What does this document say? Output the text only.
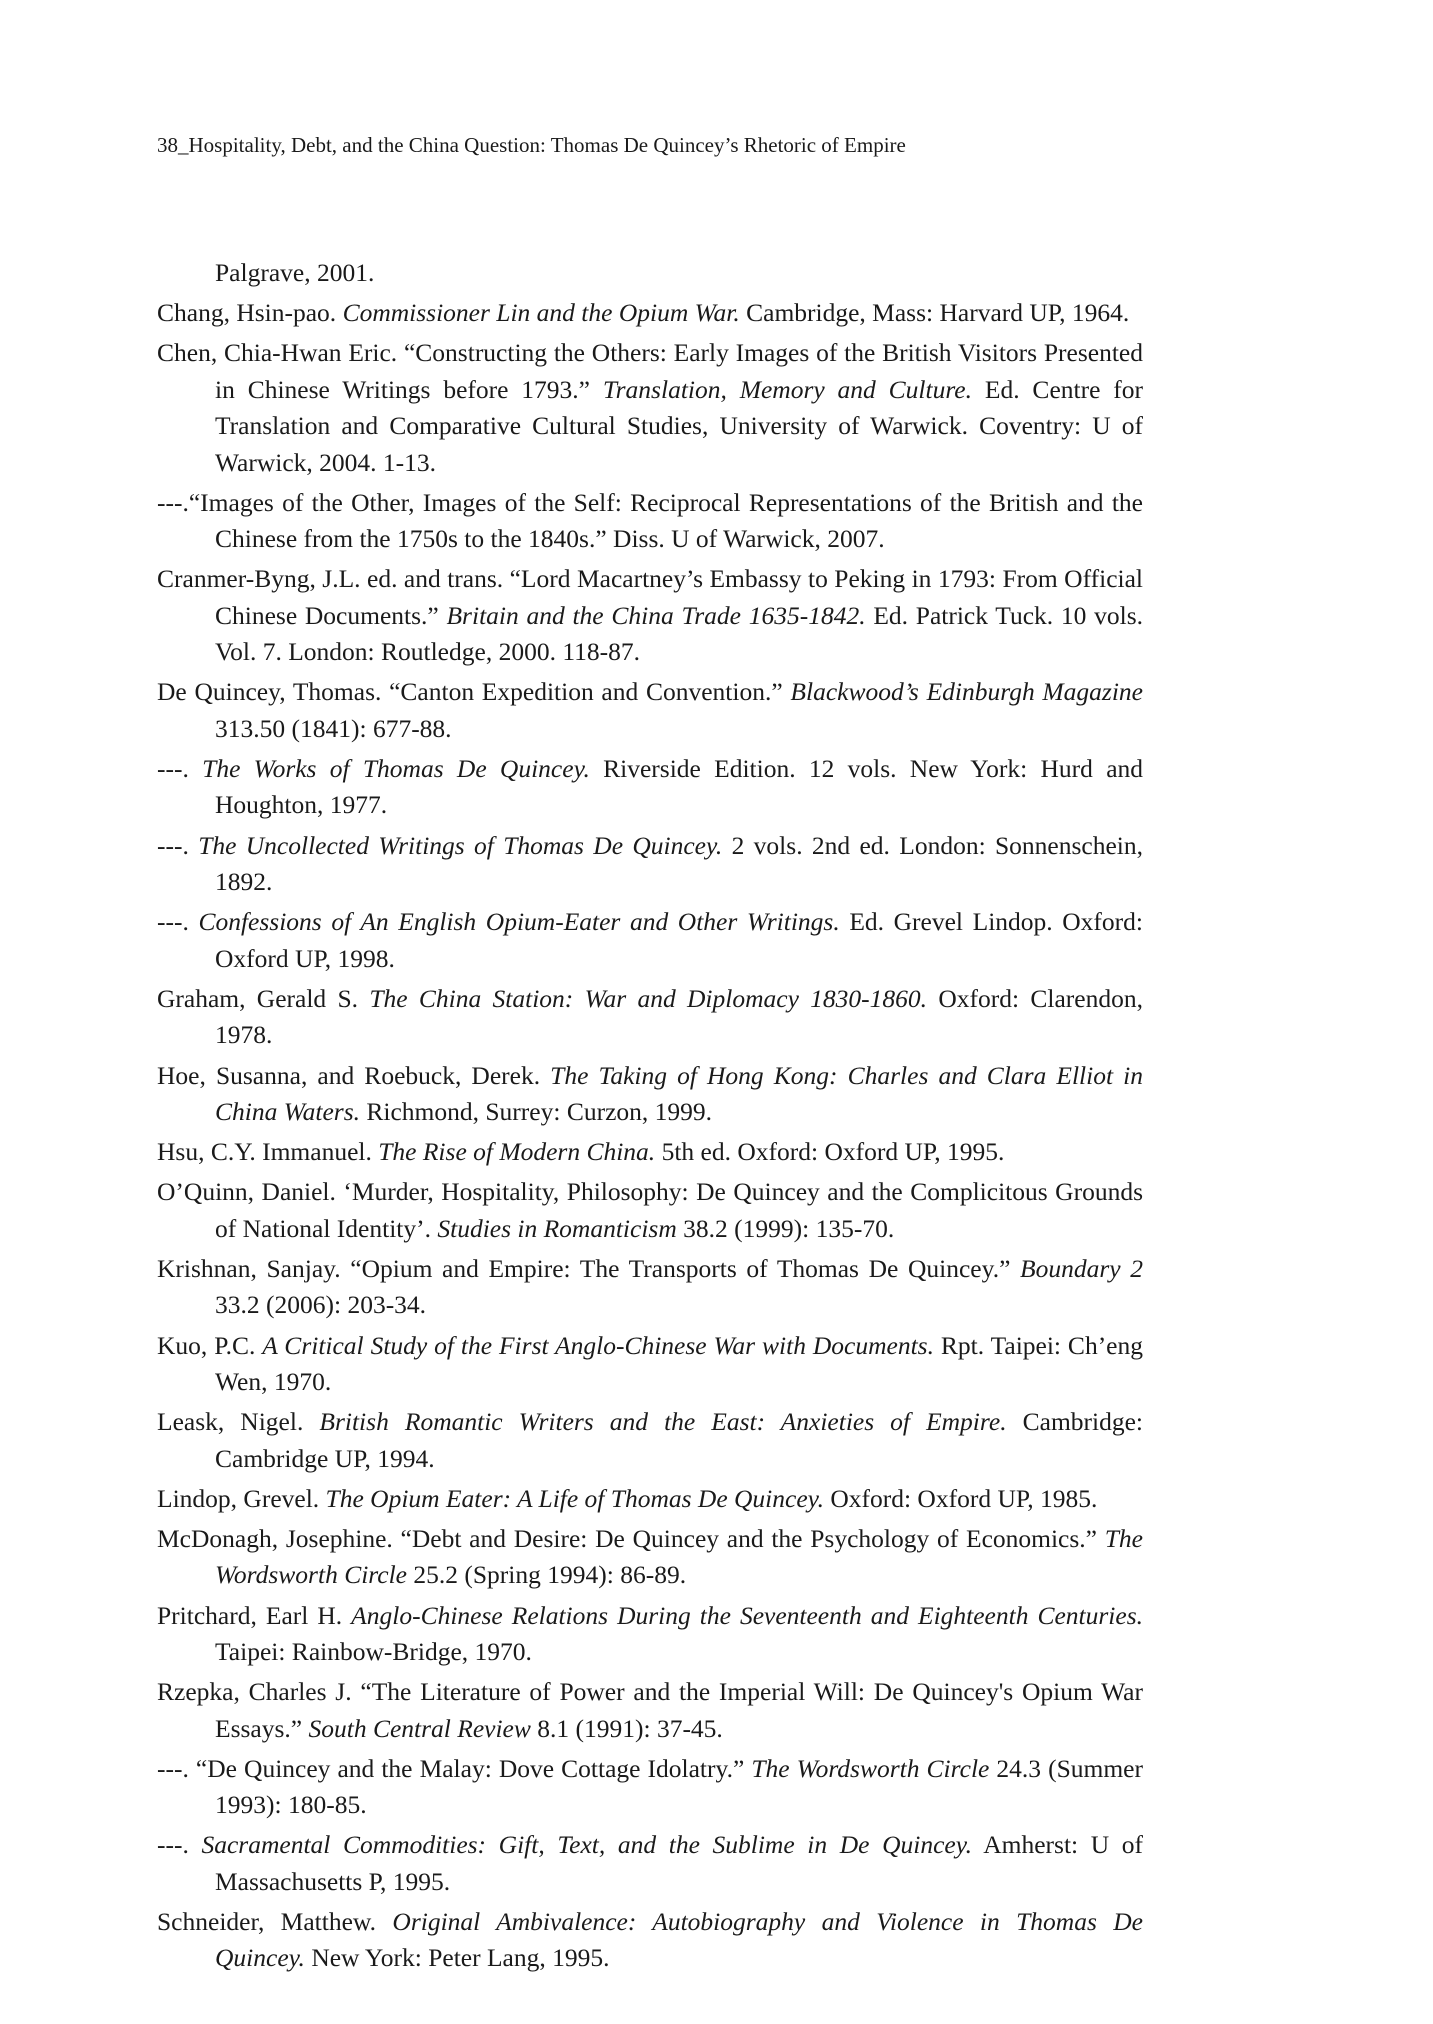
38_Hospitality, Debt, and the China Question: Thomas De Quincey’s Rhetoric of Empire

Palgrave, 2001.

Chang, Hsin-pao. Commissioner Lin and the Opium War. Cambridge, Mass: Harvard UP, 1964.

Chen, Chia-Hwan Eric. “Constructing the Others: Early Images of the British Visitors Presented in Chinese Writings before 1793.” Translation, Memory and Culture. Ed. Centre for Translation and Comparative Cultural Studies, University of Warwick. Coventry: U of Warwick, 2004. 1-13.

---.“Images of the Other, Images of the Self: Reciprocal Representations of the British and the Chinese from the 1750s to the 1840s.” Diss. U of Warwick, 2007.

Cranmer-Byng, J.L. ed. and trans. “Lord Macartney’s Embassy to Peking in 1793: From Official Chinese Documents.” Britain and the China Trade 1635-1842. Ed. Patrick Tuck. 10 vols. Vol. 7. London: Routledge, 2000. 118-87.

De Quincey, Thomas. “Canton Expedition and Convention.” Blackwood’s Edinburgh Magazine 313.50 (1841): 677-88.

---. The Works of Thomas De Quincey. Riverside Edition. 12 vols. New York: Hurd and Houghton, 1977.

---. The Uncollected Writings of Thomas De Quincey. 2 vols. 2nd ed. London: Sonnenschein, 1892.

---. Confessions of An English Opium-Eater and Other Writings. Ed. Grevel Lindop. Oxford: Oxford UP, 1998.

Graham, Gerald S. The China Station: War and Diplomacy 1830-1860. Oxford: Clarendon, 1978.

Hoe, Susanna, and Roebuck, Derek. The Taking of Hong Kong: Charles and Clara Elliot in China Waters. Richmond, Surrey: Curzon, 1999.

Hsu, C.Y. Immanuel. The Rise of Modern China. 5th ed. Oxford: Oxford UP, 1995.

O’Quinn, Daniel. ‘Murder, Hospitality, Philosophy: De Quincey and the Complicitous Grounds of National Identity’. Studies in Romanticism 38.2 (1999): 135-70.

Krishnan, Sanjay. “Opium and Empire: The Transports of Thomas De Quincey.” Boundary 2 33.2 (2006): 203-34.

Kuo, P.C. A Critical Study of the First Anglo-Chinese War with Documents. Rpt. Taipei: Ch’eng Wen, 1970.

Leask, Nigel. British Romantic Writers and the East: Anxieties of Empire. Cambridge: Cambridge UP, 1994.

Lindop, Grevel. The Opium Eater: A Life of Thomas De Quincey. Oxford: Oxford UP, 1985.

McDonagh, Josephine. “Debt and Desire: De Quincey and the Psychology of Economics.” The Wordsworth Circle 25.2 (Spring 1994): 86-89.

Pritchard, Earl H. Anglo-Chinese Relations During the Seventeenth and Eighteenth Centuries. Taipei: Rainbow-Bridge, 1970.

Rzepka, Charles J. “The Literature of Power and the Imperial Will: De Quincey's Opium War Essays.” South Central Review 8.1 (1991): 37-45.

---. “De Quincey and the Malay: Dove Cottage Idolatry.” The Wordsworth Circle 24.3 (Summer 1993): 180-85.

---. Sacramental Commodities: Gift, Text, and the Sublime in De Quincey. Amherst: U of Massachusetts P, 1995.

Schneider, Matthew. Original Ambivalence: Autobiography and Violence in Thomas De Quincey. New York: Peter Lang, 1995.
